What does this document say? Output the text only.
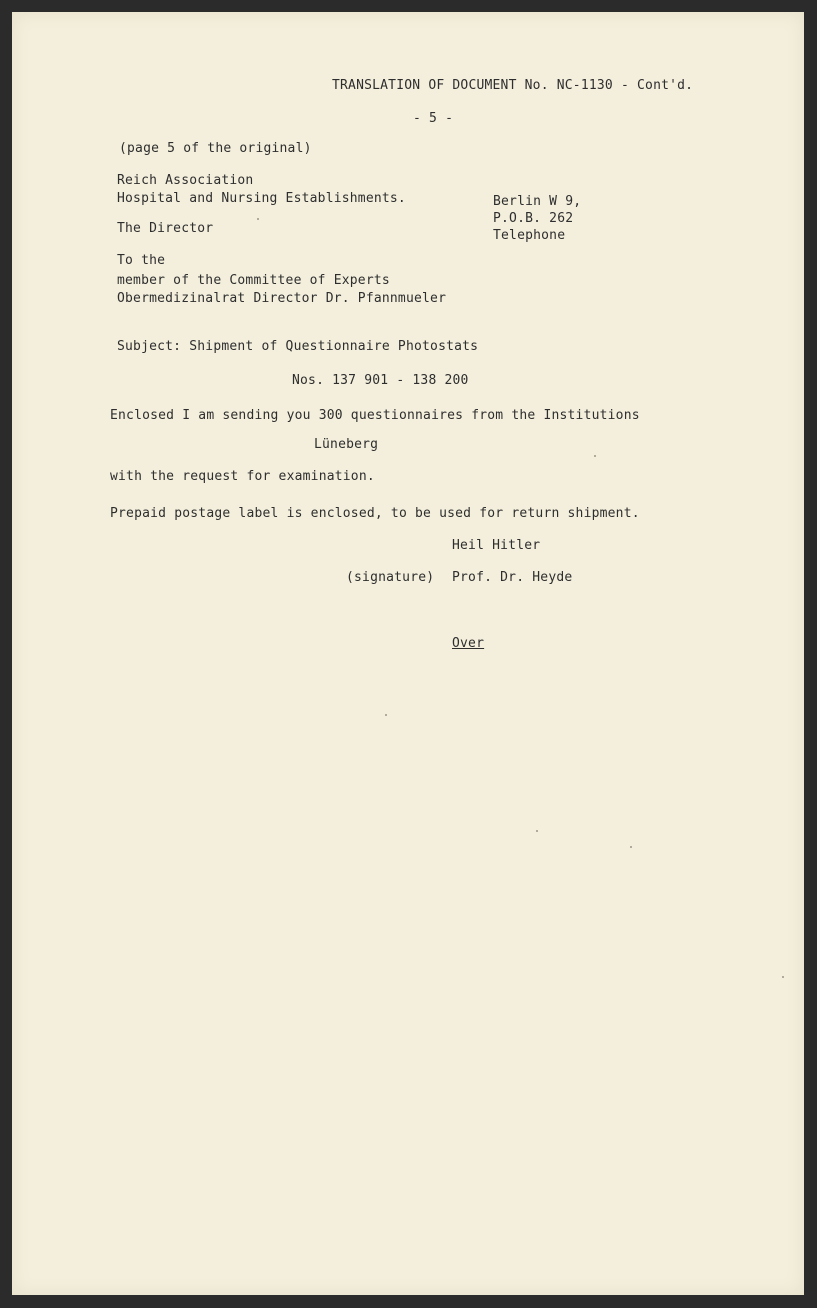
TRANSLATION OF DOCUMENT No. NC-1130 - Cont'd.
- 5 -
(page 5 of the original)
Reich Association
Hospital and Nursing Establishments.
The Director
Berlin W 9,
P.O.B. 262
Telephone
To the
member of the Committee of Experts
Obermedizinalrat Director Dr. Pfannmueler
Subject: Shipment of Questionnaire Photostats
Nos. 137 901 - 138 200
Enclosed I am sending you 300 questionnaires from the Institutions
Lüneberg
with the request for examination.
Prepaid postage label is enclosed, to be used for return shipment.
Heil Hitler
(signature) Prof. Dr. Heyde
Over
